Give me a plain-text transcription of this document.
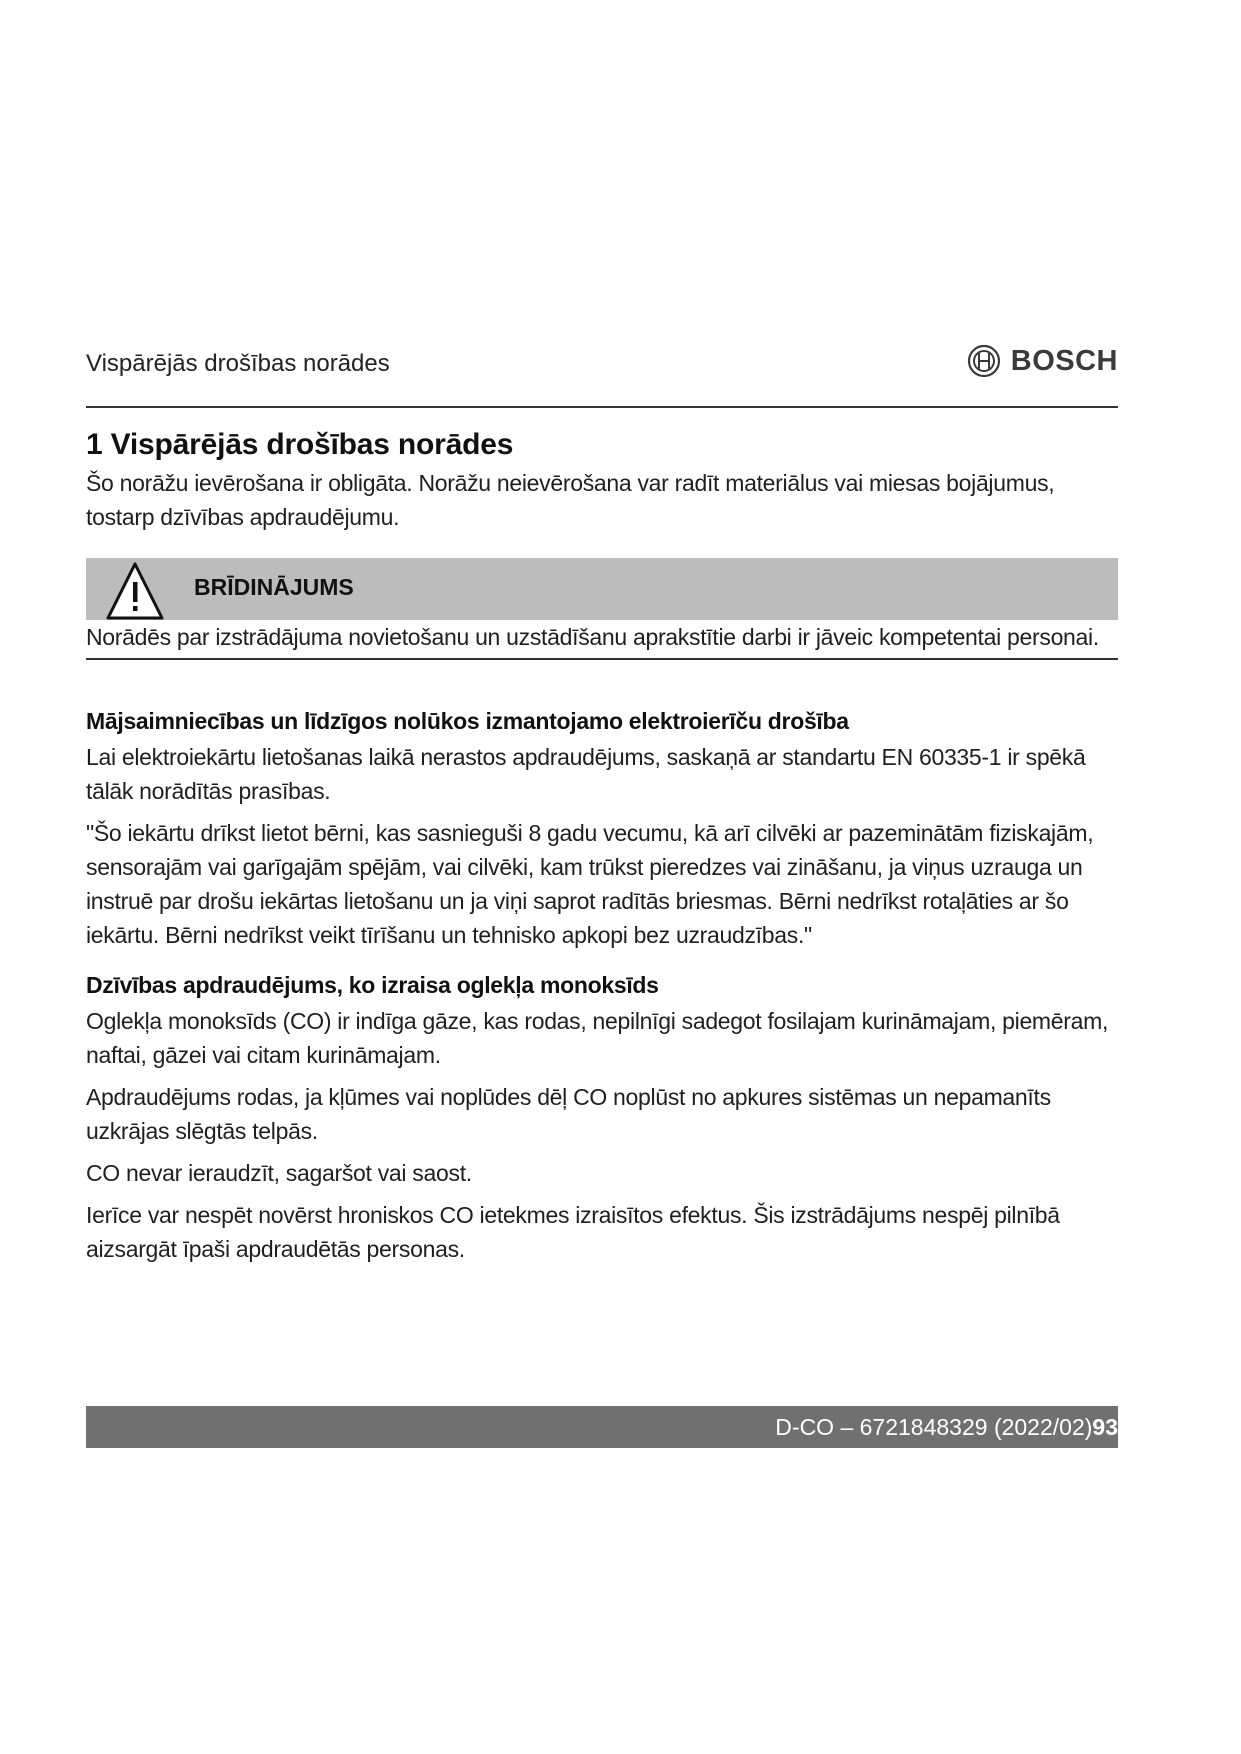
Vispārējās drošības norādes	BOSCH
1 Vispārējās drošības norādes

Šo norāžu ievērošana ir obligāta. Norāžu neievērošana var radīt materiālus vai miesas bojājumus, tostarp dzīvības apdraudējumu.

BRĪDINĀJUMS

Norādēs par izstrādājuma novietošanu un uzstādīšanu aprakstītie darbi ir jāveic kompetentai personai.

Mājsaimniecības un līdzīgos nolūkos izmantojamo elektroierīču drošība

Lai elektroiekārtu lietošanas laikā nerastos apdraudējums, saskaņā ar standartu EN 60335-1 ir spēkā tālāk norādītās prasības.

"Šo iekārtu drīkst lietot bērni, kas sasnieguši 8 gadu vecumu, kā arī cilvēki ar pazeminātām fiziskajām, sensorajām vai garīgajām spējām, vai cilvēki, kam trūkst pieredzes vai zināšanu, ja viņus uzrauga un instruē par drošu iekārtas lietošanu un ja viņi saprot radītās briesmas. Bērni nedrīkst rotaļāties ar šo iekārtu. Bērni nedrīkst veikt tīrīšanu un tehnisko apkopi bez uzraudzības."

Dzīvības apdraudējums, ko izraisa oglekļa monoksīds

Oglekļa monoksīds (CO) ir indīga gāze, kas rodas, nepilnīgi sadegot fosilajam kurināmajam, piemēram, naftai, gāzei vai citam kurināmajam.

Apdraudējums rodas, ja kļūmes vai noplūdes dēļ CO noplūst no apkures sistēmas un nepamanīts uzkrājas slēgtās telpās.

CO nevar ieraudzīt, sagaršot vai saost.

Ierīce var nespēt novērst hroniskos CO ietekmes izraisītos efektus. Šis izstrādājums nespēj pilnībā aizsargāt īpaši apdraudētās personas.

D-CO – 6721848329 (2022/02) 93
